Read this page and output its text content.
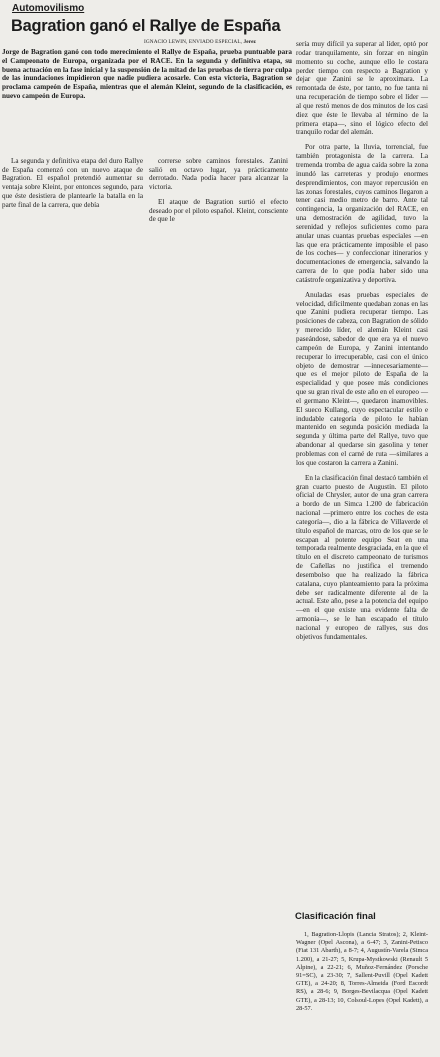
Automovilismo
Bagration ganó el Rallye de España
IGNACIO LEWIN, ENVIADO ESPECIAL, Jerez

Jorge de Bagration ganó con todo merecimiento el Rallye de España, prueba puntuable para el Campeonato de Europa, organizada por el RACE. En la segunda y definitiva etapa, su buena actuación en la fase inicial y la suspensión de la mitad de las pruebas de tierra por culpa de las inundaciones impidieron que nadie pudiera acosarle. Con esta victoria, Bagration se proclama campeón de España, mientras que el alemán Kleint, segundo de la clasificación, es nuevo campeón de Europa.

La segunda y definitiva etapa del duro Rallye de España comenzó con un nuevo ataque de Bagration. El español pretendió aumentar su ventaja sobre Kleint, por entonces segundo, para que éste desistiera de plantearle la batalla en la parte final de la carrera, que debía

correrse sobre caminos forestales. Zanini salió en octavo lugar, ya prácticamente derrotado. Nada podía hacer para alcanzar la victoria.

El ataque de Bagration surtió el efecto deseado por el piloto español. Kleint, consciente de que le

sería muy difícil ya superar al líder, optó por rodar tranquilamente, sin forzar en ningún momento su coche, aunque ello le costara perder tiempo con respecto a Bagration y dejar que Zanini se le aproximara. La remontada de éste, por tanto, no fue tanta ni una recuperación de tiempo sobre el líder —al que restó menos de dos minutos de los casi diez que éste le llevaba al término de la primera etapa—, sino el lógico efecto del tranquilo rodar del alemán.

Por otra parte, la lluvia, torrencial, fue también protagonista de la carrera. La tremenda tromba de agua caída sobre la zona inundó las carreteras y produjo enormes desprendimientos, con mayor repercusión en las zonas forestales, cuyos caminos llegaron a tener casi medio metro de barro. Ante tal contingencia, la organización del RACE, en una demostración de agilidad, tuvo la serenidad y reflejos suficientes como para anular unas cuantas pruebas especiales —en las que era prácticamente imposible el paso de los coches— y confeccionar itinerarios y documentaciones de emergencia, salvando la carrera de lo que podía haber sido una catástrofe organizativa y deportiva.

Anuladas esas pruebas especiales de velocidad, difícilmente quedaban zonas en las que Zanini pudiera recuperar tiempo. Las posiciones de cabeza, con Bagration de sólido y merecido líder, el alemán Kleint casi paseándose, sabedor de que era ya el nuevo campeón de Europa, y Zanini intentando recuperar lo irrecuperable, casi con el único objeto de demostrar —innecesariamente— que es el mejor piloto de España de la especialidad y que posee más condiciones que su gran rival de este año en el europeo —el germano Kleint—, quedaron inamovibles. El sueco Kullang, cuyo espectacular estilo e indudable categoría de piloto le habían mantenido en segunda posición mediada la segunda y última parte del Rallye, tuvo que abandonar al quedarse sin gasolina y tener problemas con el carné de ruta —similares a los que costaron la carrera a Zanini.

En la clasificación final destacó también el gran cuarto puesto de Augustín. El piloto oficial de Chrysler, autor de una gran carrera a bordo de un Simca 1.200 de fabricación nacional —primero entre los coches de esta categoría—, dio a la fábrica de Villaverde el título español de marcas, otro de los que se le escapan al potente equipo Seat en una temporada realmente desgraciada, en la que el título en el discreto campeonato de turismos de Cañellas no justifica el tremendo desembolso que ha realizado la fábrica catalana, cuyo planteamiento para la próxima debe ser radicalmente diferente al de la actual. Este año, pese a la potencia del equipo —en el que existe una evidente falta de armonía—, se le han escapado el título nacional y europeo de rallyes, sus dos objetivos fundamentales.

Clasificación final

1, Bagration-Llopis (Lancia Stratos); 2, Kleint-Wagner (Opel Ascona), a 6-47; 3, Zanini-Petisco (Fiat 131 Abarth), a 8-7; 4, Augustín-Varela (Simca 1.200), a 21-27; 5, Krupa-Mystkowski (Renault 5 Alpine), a 22-21; 6, Muñoz-Fernández (Porsche 91=SC), a 23-30; 7, Sallent-Puvill (Opel Kadett GTE), a 24-20; 8, Torres-Almeida (Ford Escordt RS), a 28-6; 9, Borges-Bevilacqua (Opel Kadett GTE), a 28-13; 10, Colsoul-Lopes (Opel Kadett), a 28-57.
